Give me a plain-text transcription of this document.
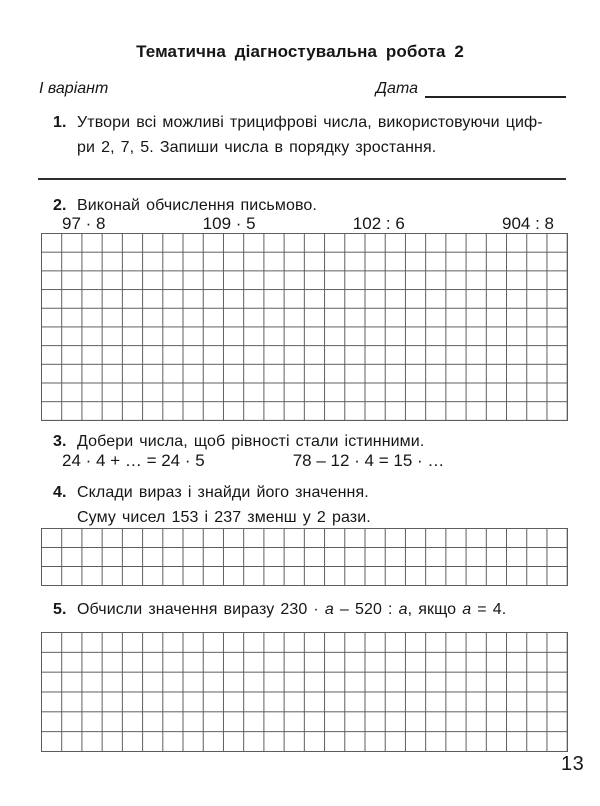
Тематична діагностувальна робота 2
І варіант	Дата
1. Утвори всі можливі трицифрові числа, використовуючи циф-
ри 2, 7, 5. Запиши числа в порядку зростання.
2. Виконай обчислення письмово.
97 · 8	109 · 5	102 : 6	904 : 8
3. Добери числа, щоб рівності стали істинними.
24 · 4 + … = 24 · 5	78 – 12 · 4 = 15 · …
4. Склади вираз і знайди його значення.
Суму чисел 153 і 237 зменш у 2 рази.
5. Обчисли значення виразу 230 · а – 520 : а, якщо а = 4.
13
